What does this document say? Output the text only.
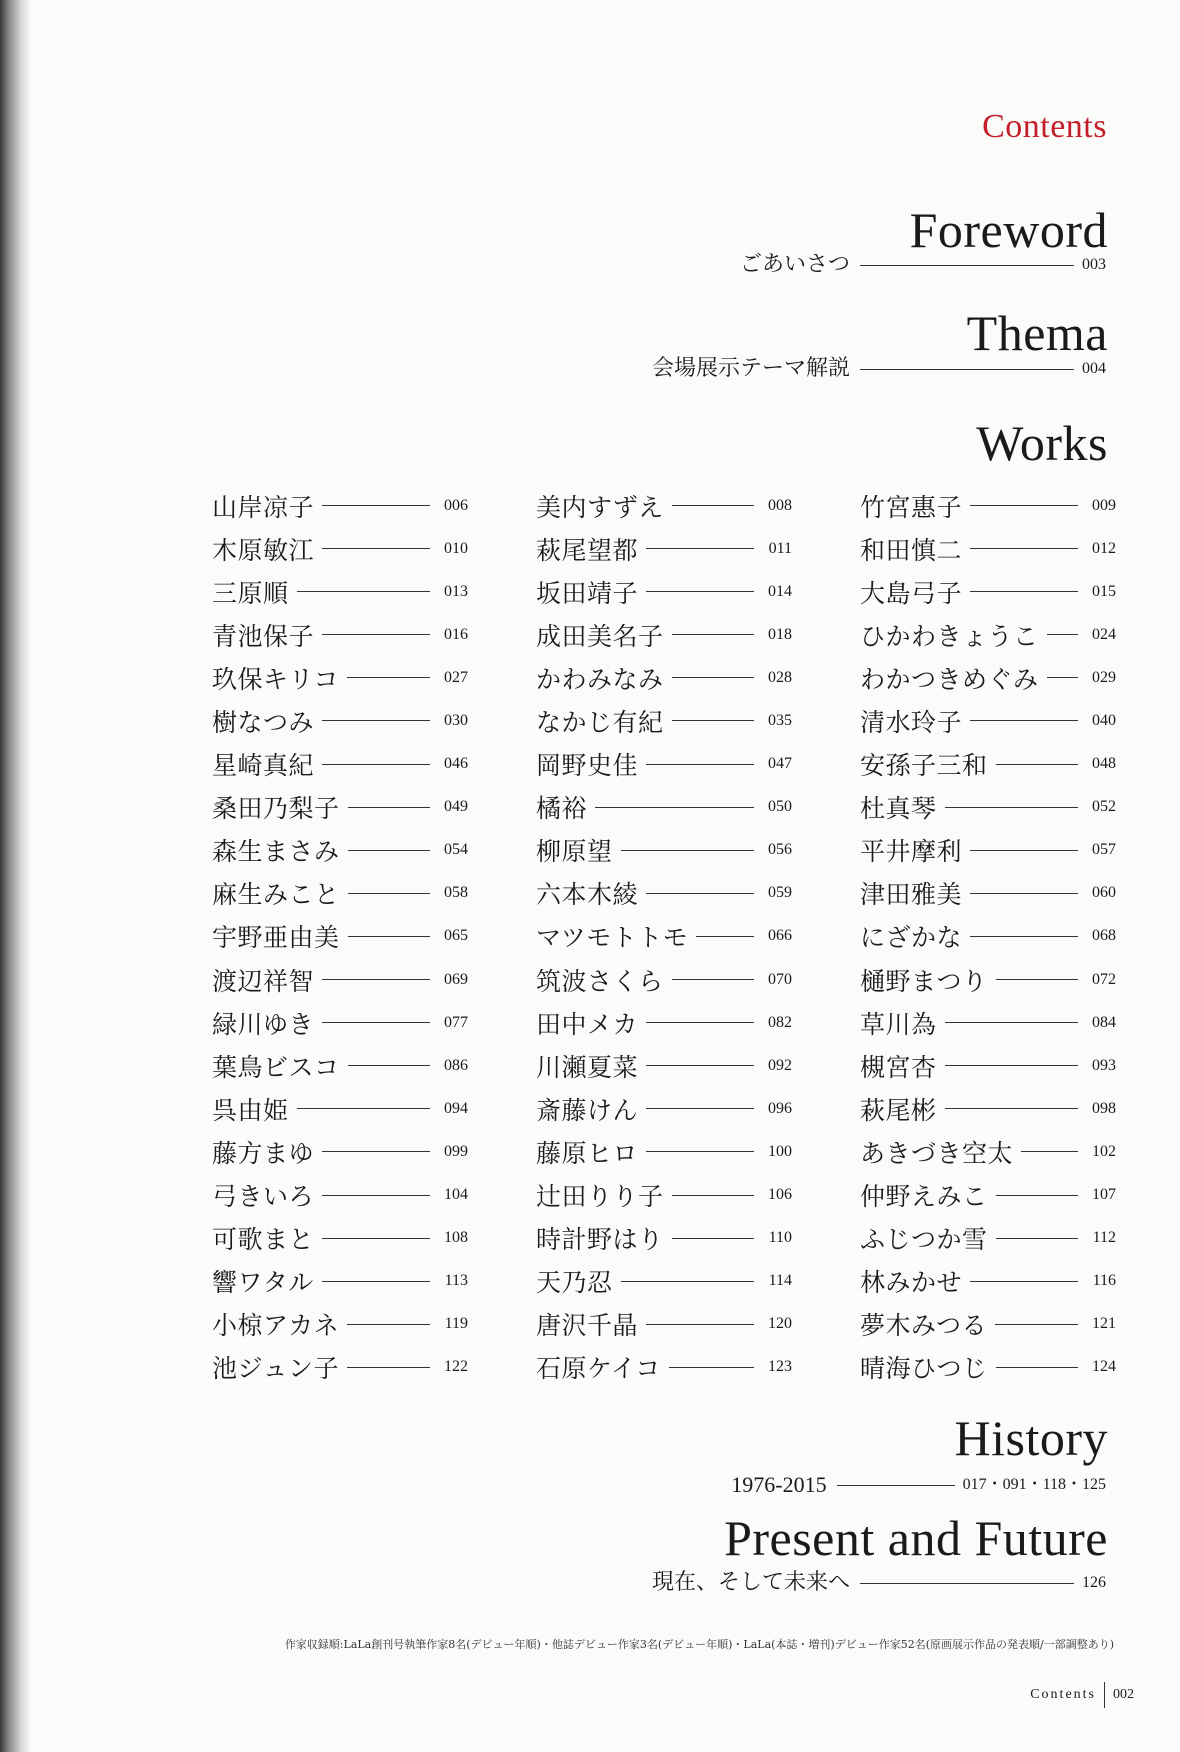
Contents
Foreword
ごあいさつ	003
Thema
会場展示テーマ解説	004
Works
山岸凉子	006	美内すずえ	008	竹宮惠子	009
木原敏江	010	萩尾望都	011	和田慎二	012
三原順	013	坂田靖子	014	大島弓子	015
青池保子	016	成田美名子	018	ひかわきょうこ	024
玖保キリコ	027	かわみなみ	028	わかつきめぐみ	029
樹なつみ	030	なかじ有紀	035	清水玲子	040
星崎真紀	046	岡野史佳	047	安孫子三和	048
桑田乃梨子	049	橘裕	050	杜真琴	052
森生まさみ	054	柳原望	056	平井摩利	057
麻生みこと	058	六本木綾	059	津田雅美	060
宇野亜由美	065	マツモトトモ	066	にざかな	068
渡辺祥智	069	筑波さくら	070	樋野まつり	072
緑川ゆき	077	田中メカ	082	草川為	084
葉鳥ビスコ	086	川瀬夏菜	092	槻宮杏	093
呉由姫	094	斎藤けん	096	萩尾彬	098
藤方まゆ	099	藤原ヒロ	100	あきづき空太	102
弓きいろ	104	辻田りり子	106	仲野えみこ	107
可歌まと	108	時計野はり	110	ふじつか雪	112
響ワタル	113	天乃忍	114	林みかせ	116
小椋アカネ	119	唐沢千晶	120	夢木みつる	121
池ジュン子	122	石原ケイコ	123	晴海ひつじ	124
History
1976-2015	017・091・118・125
Present and Future
現在、そして未来へ	126

作家収録順:LaLa創刊号執筆作家8名(デビュー年順)・他誌デビュー作家3名(デビュー年順)・LaLa(本誌・増刊)デビュー作家52名(原画展示作品の発表順/一部調整あり)

Contents 002
